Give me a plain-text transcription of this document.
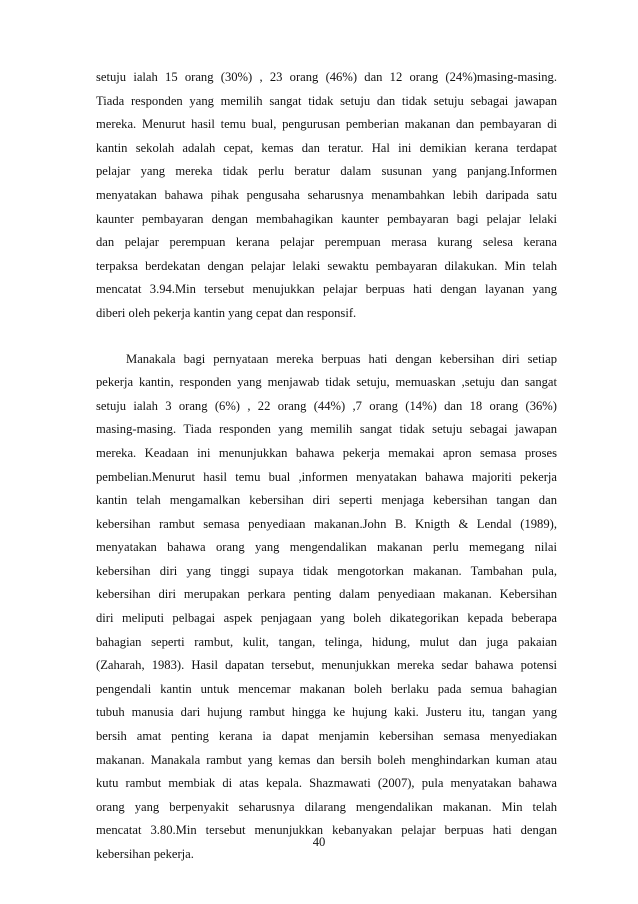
setuju ialah 15 orang (30%) , 23 orang (46%) dan 12 orang (24%)masing-masing.
Tiada responden yang memilih sangat tidak setuju dan tidak setuju sebagai jawapan
mereka. Menurut hasil temu bual, pengurusan pemberian makanan dan pembayaran di
kantin sekolah adalah cepat, kemas dan teratur. Hal ini demikian kerana terdapat
pelajar yang mereka tidak perlu beratur dalam susunan yang panjang.Informen
menyatakan bahawa pihak pengusaha seharusnya menambahkan lebih daripada satu
kaunter pembayaran dengan membahagikan kaunter pembayaran bagi pelajar lelaki
dan pelajar perempuan kerana pelajar perempuan merasa kurang selesa kerana
terpaksa berdekatan dengan pelajar lelaki sewaktu pembayaran dilakukan. Min telah
mencatat 3.94.Min tersebut menujukkan pelajar berpuas hati dengan layanan yang
diberi oleh pekerja kantin yang cepat dan responsif.
Manakala bagi pernyataan mereka berpuas hati dengan kebersihan diri setiap
pekerja kantin, responden yang menjawab tidak setuju, memuaskan ,setuju dan sangat
setuju ialah 3 orang (6%) , 22 orang (44%) ,7 orang (14%) dan 18 orang (36%)
masing-masing. Tiada responden yang memilih sangat tidak setuju sebagai jawapan
mereka. Keadaan ini menunjukkan bahawa pekerja memakai apron semasa proses
pembelian.Menurut hasil temu bual ,informen menyatakan bahawa majoriti pekerja
kantin telah mengamalkan kebersihan diri seperti menjaga kebersihan tangan dan
kebersihan rambut semasa penyediaan makanan.John B. Knigth & Lendal (1989),
menyatakan bahawa orang yang mengendalikan makanan perlu memegang nilai
kebersihan diri yang tinggi supaya tidak mengotorkan makanan. Tambahan pula,
kebersihan diri merupakan perkara penting dalam penyediaan makanan. Kebersihan
diri meliputi pelbagai aspek penjagaan yang boleh dikategorikan kepada beberapa
bahagian seperti rambut, kulit, tangan, telinga, hidung, mulut dan juga pakaian
(Zaharah, 1983). Hasil dapatan tersebut, menunjukkan mereka sedar bahawa potensi
pengendali kantin untuk mencemar makanan boleh berlaku pada semua bahagian
tubuh manusia dari hujung rambut hingga ke hujung kaki. Justeru itu, tangan yang
bersih amat penting kerana ia dapat menjamin kebersihan semasa menyediakan
makanan. Manakala rambut yang kemas dan bersih boleh menghindarkan kuman atau
kutu rambut membiak di atas kepala. Shazmawati (2007), pula menyatakan bahawa
orang yang berpenyakit seharusnya dilarang mengendalikan makanan. Min telah
mencatat 3.80.Min tersebut menunjukkan kebanyakan pelajar berpuas hati dengan
kebersihan pekerja.
40
